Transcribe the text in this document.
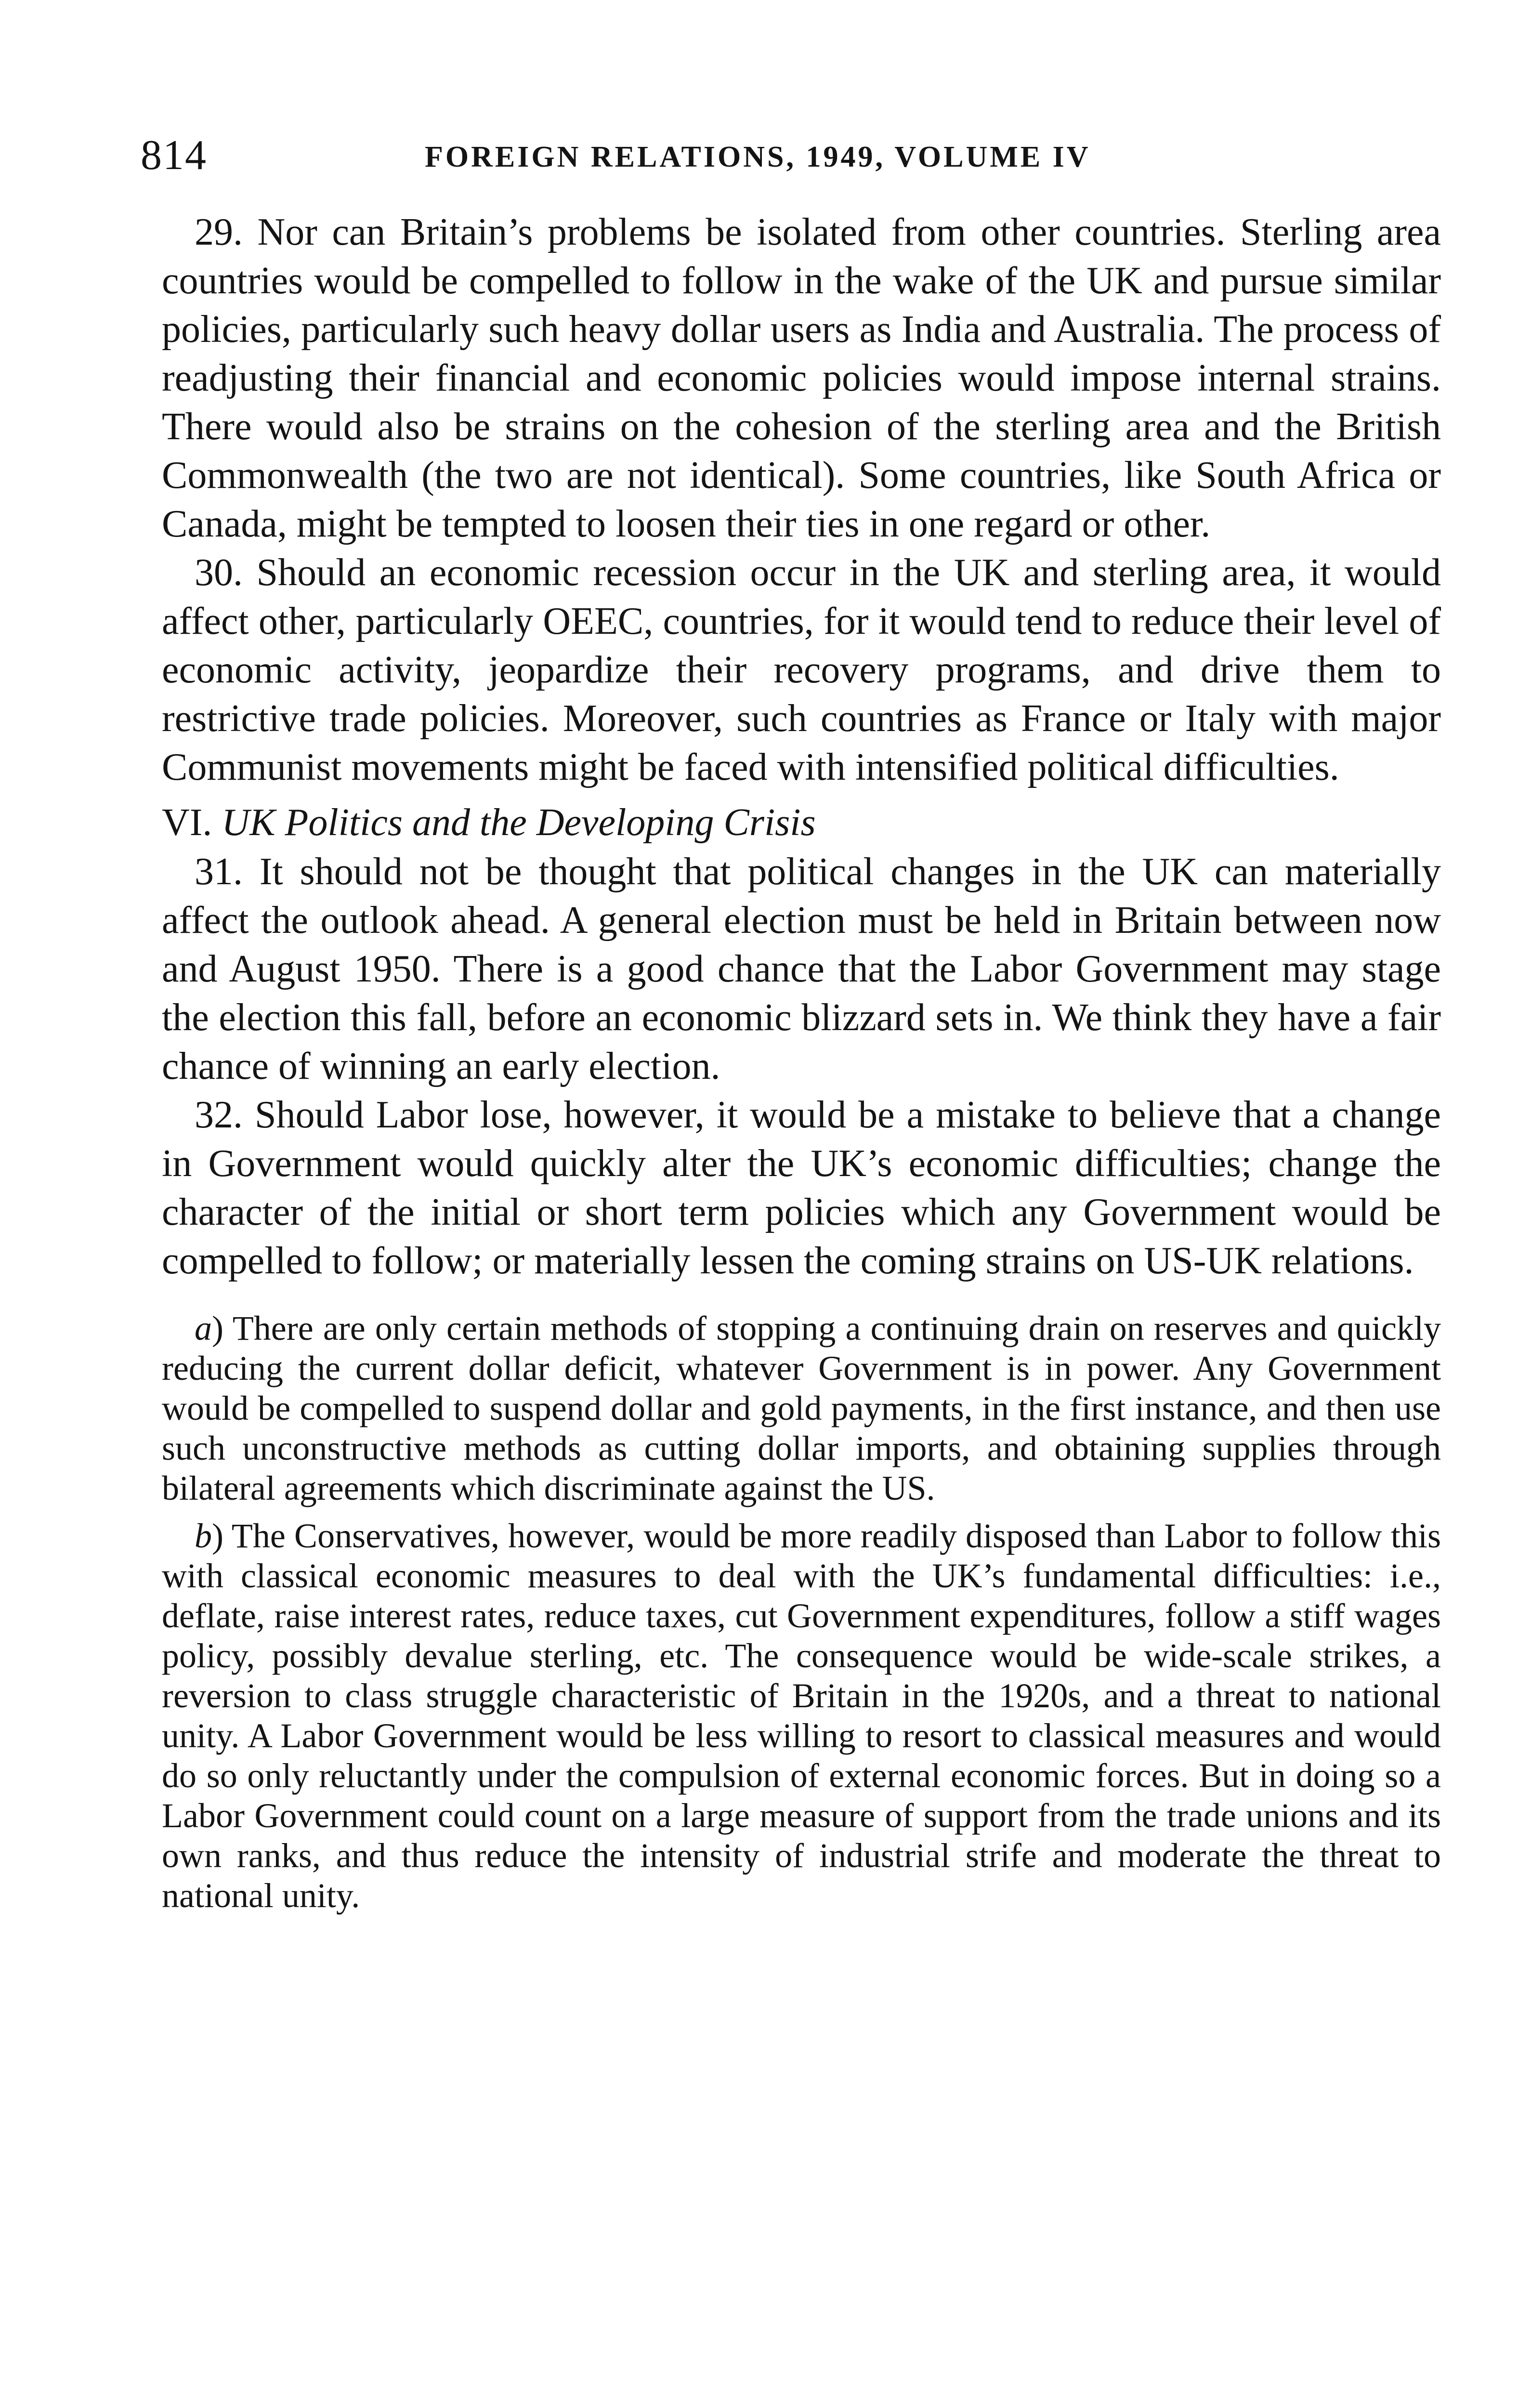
814	FOREIGN RELATIONS, 1949, VOLUME IV

29. Nor can Britain’s problems be isolated from other countries. Sterling area countries would be compelled to follow in the wake of the UK and pursue similar policies, particularly such heavy dollar users as India and Australia. The process of readjusting their financial and economic policies would impose internal strains. There would also be strains on the cohesion of the sterling area and the British Commonwealth (the two are not identical). Some countries, like South Africa or Canada, might be tempted to loosen their ties in one regard or other.

30. Should an economic recession occur in the UK and sterling area, it would affect other, particularly OEEC, countries, for it would tend to reduce their level of economic activity, jeopardize their recovery programs, and drive them to restrictive trade policies. Moreover, such countries as France or Italy with major Communist movements might be faced with intensified political difficulties.

VI. UK Politics and the Developing Crisis

31. It should not be thought that political changes in the UK can materially affect the outlook ahead. A general election must be held in Britain between now and August 1950. There is a good chance that the Labor Government may stage the election this fall, before an economic blizzard sets in. We think they have a fair chance of winning an early election.

32. Should Labor lose, however, it would be a mistake to believe that a change in Government would quickly alter the UK’s economic difficulties; change the character of the initial or short term policies which any Government would be compelled to follow; or materially lessen the coming strains on US-UK relations.

a) There are only certain methods of stopping a continuing drain on reserves and quickly reducing the current dollar deficit, whatever Government is in power. Any Government would be compelled to suspend dollar and gold payments, in the first instance, and then use such unconstructive methods as cutting dollar imports, and obtaining supplies through bilateral agreements which discriminate against the US.

b) The Conservatives, however, would be more readily disposed than Labor to follow this with classical economic measures to deal with the UK’s fundamental difficulties: i.e., deflate, raise interest rates, reduce taxes, cut Government expenditures, follow a stiff wages policy, possibly devalue sterling, etc. The consequence would be wide-scale strikes, a reversion to class struggle characteristic of Britain in the 1920s, and a threat to national unity. A Labor Government would be less willing to resort to classical measures and would do so only reluctantly under the compulsion of external economic forces. But in doing so a Labor Government could count on a large measure of support from the trade unions and its own ranks, and thus reduce the intensity of industrial strife and moderate the threat to national unity.
